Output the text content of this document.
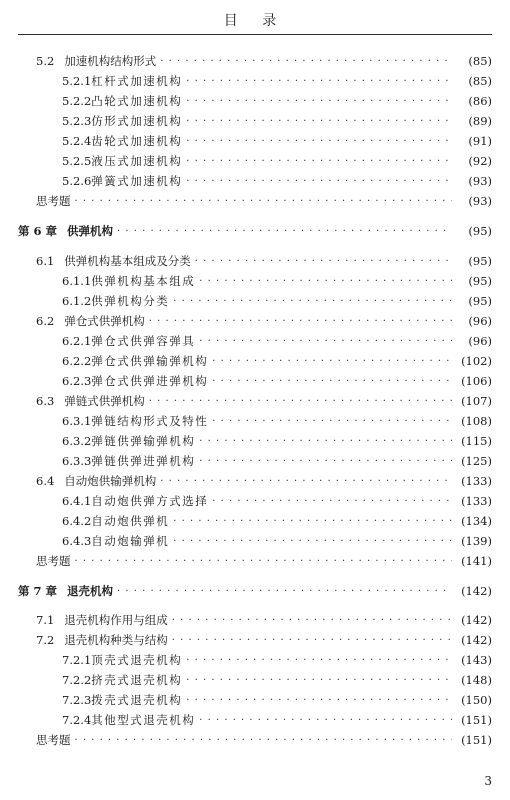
目 录
5.2 加速机构结构形式 · · ·	(85)
5.2.1 杠杆式加速机构 · · ·	(85)
5.2.2 凸轮式加速机构 · · ·	(86)
5.2.3 仿形式加速机构 · · ·	(89)
5.2.4 齿轮式加速机构 · · ·	(91)
5.2.5 液压式加速机构 · · ·	(92)
5.2.6 弹簧式加速机构 · · ·	(93)
思考题 · · ·	(93)
第 6 章 供弹机构 · · ·	(95)
6.1 供弹机构基本组成及分类 · · ·	(95)
6.1.1 供弹机构基本组成 · · ·	(95)
6.1.2 供弹机构分类 · · ·	(95)
6.2 弹仓式供弹机构 · · ·	(96)
6.2.1 弹仓式供弹容弹具 · · ·	(96)
6.2.2 弹仓式供弹输弹机构 · · ·	(102)
6.2.3 弹仓式供弹进弹机构 · · ·	(106)
6.3 弹链式供弹机构 · · ·	(107)
6.3.1 弹链结构形式及特性 · · ·	(108)
6.3.2 弹链供弹输弹机构 · · ·	(115)
6.3.3 弹链供弹进弹机构 · · ·	(125)
6.4 自动炮供输弹机构 · · ·	(133)
6.4.1 自动炮供弹方式选择 · · ·	(133)
6.4.2 自动炮供弹机 · · ·	(134)
6.4.3 自动炮输弹机 · · ·	(139)
思考题 · · ·	(141)
第 7 章 退壳机构 · · ·	(142)
7.1 退壳机构作用与组成 · · ·	(142)
7.2 退壳机构种类与结构 · · ·	(142)
7.2.1 顶壳式退壳机构 · · ·	(143)
7.2.2 挤壳式退壳机构 · · ·	(148)
7.2.3 拨壳式退壳机构 · · ·	(150)
7.2.4 其他型式退壳机构 · · ·	(151)
思考题 · · ·	(151)
3
